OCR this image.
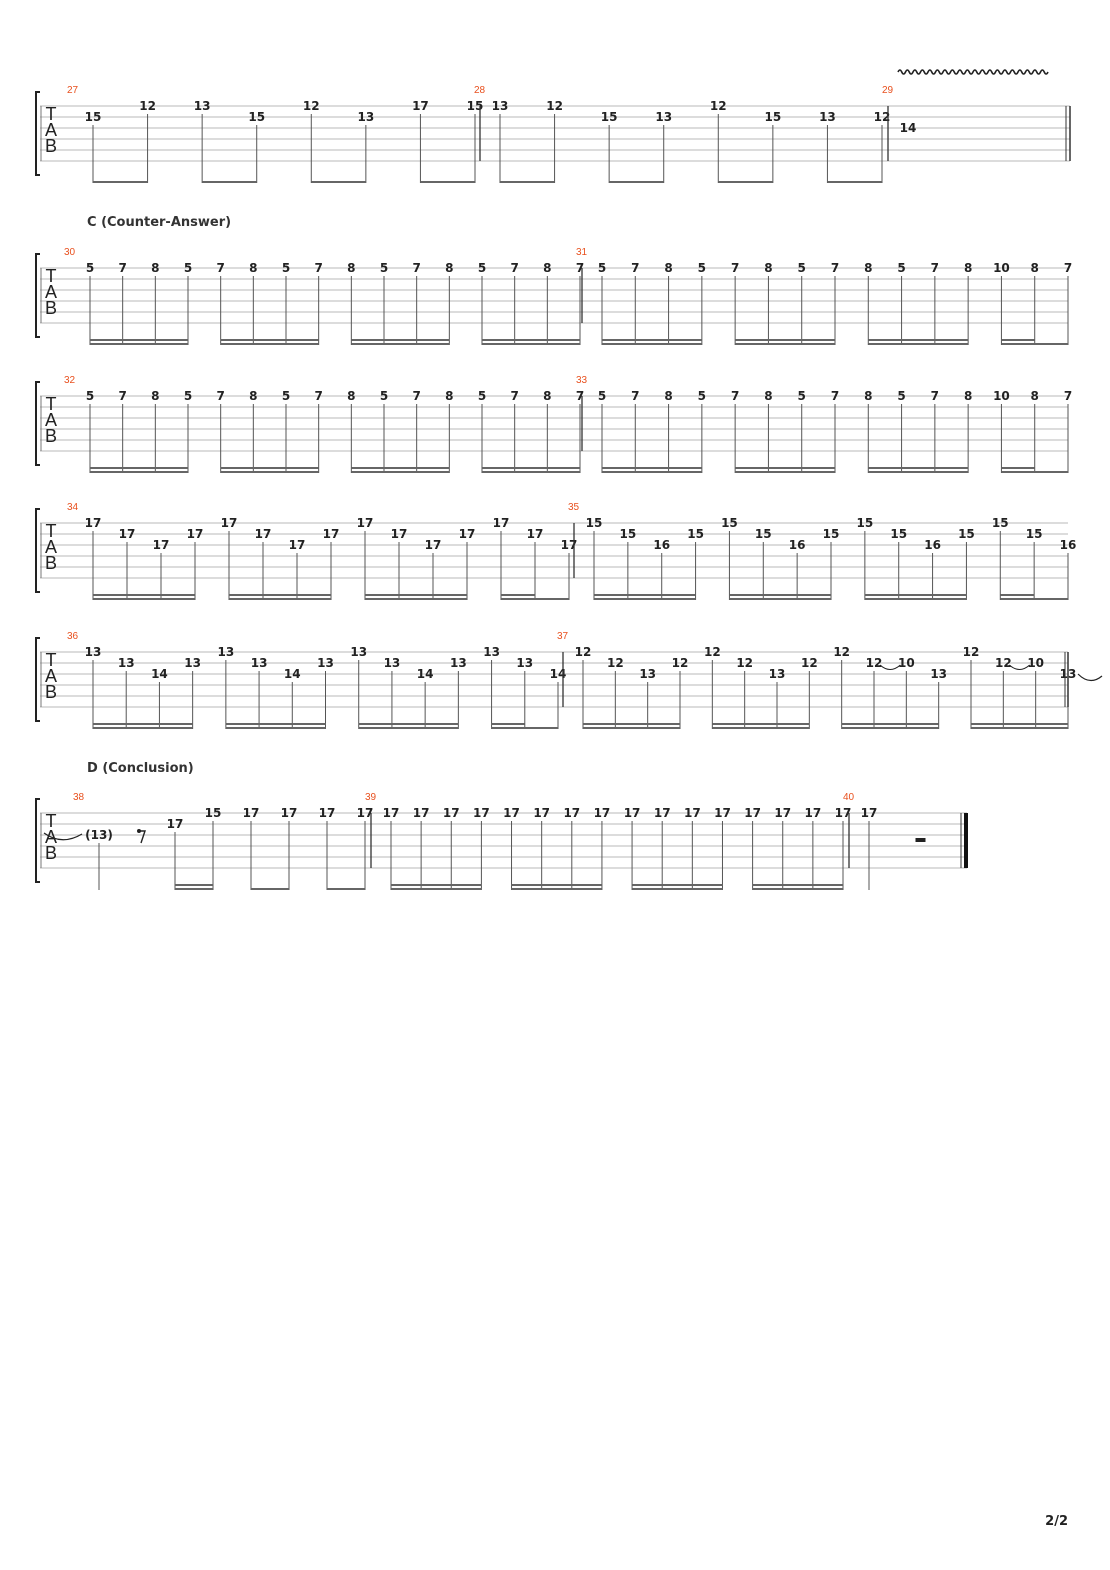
T
A
B
27
15
12	13
15
12
13
17	15
28
13	12
15	13
12
15	13	12
29
14
C (Counter-Answer)
T
A
B
30
5 7 8 5 7 8 5 7 8 5 7 8 5 7 8 7
31
5 7 8 5 7 8 5 7 8 5 7 8 10 8 7
T
A
B
32
5 7 8 5 7 8 5 7 8 5 7 8 5 7 8 7
33
5 7 8 5 7 8 5 7 8 5 7 8 10 8 7
T
A
B
34
17
17
17
17
17
17
17
17
17
17
17
17
17
17
17
35
15
15
16
15
15
15
16
15
15
15
16
15
15
15
16
T
A
B
36
13
13
14
13
13
13
14
13
13
13
14
13
13
13
14
37
12
12
13
12
12
12
13
12
12
12 10
13
12
12 10
13
D (Conclusion)
T
A
B
38
(13)
17
15 17 17 17 17
39
17 17 17 17 17 17 17 17 17 17 17 17 17 17 17 17
40
17
2/2
